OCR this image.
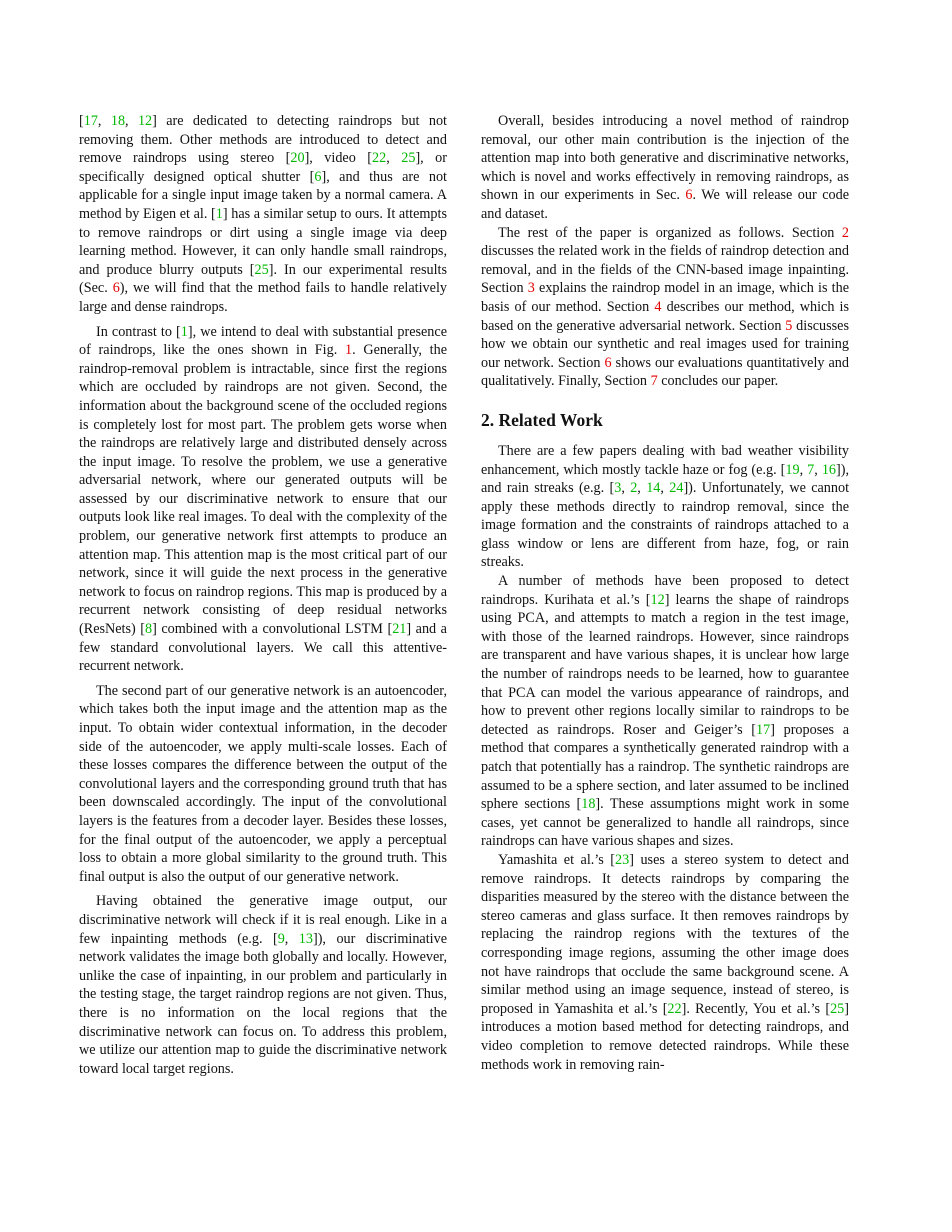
[17, 18, 12] are dedicated to detecting raindrops but not removing them. Other methods are introduced to detect and remove raindrops using stereo [20], video [22, 25], or specifically designed optical shutter [6], and thus are not applicable for a single input image taken by a normal camera. A method by Eigen et al. [1] has a similar setup to ours. It attempts to remove raindrops or dirt using a single image via deep learning method. However, it can only handle small raindrops, and produce blurry outputs [25]. In our experimental results (Sec. 6), we will find that the method fails to handle relatively large and dense raindrops.

In contrast to [1], we intend to deal with substantial presence of raindrops, like the ones shown in Fig. 1. Generally, the raindrop-removal problem is intractable, since first the regions which are occluded by raindrops are not given. Second, the information about the background scene of the occluded regions is completely lost for most part. The problem gets worse when the raindrops are relatively large and distributed densely across the input image. To resolve the problem, we use a generative adversarial network, where our generated outputs will be assessed by our discriminative network to ensure that our outputs look like real images. To deal with the complexity of the problem, our generative network first attempts to produce an attention map. This attention map is the most critical part of our network, since it will guide the next process in the generative network to focus on raindrop regions. This map is produced by a recurrent network consisting of deep residual networks (ResNets) [8] combined with a convolutional LSTM [21] and a few standard convolutional layers. We call this attentive-recurrent network.

The second part of our generative network is an autoencoder, which takes both the input image and the attention map as the input. To obtain wider contextual information, in the decoder side of the autoencoder, we apply multi-scale losses. Each of these losses compares the difference between the output of the convolutional layers and the corresponding ground truth that has been downscaled accordingly. The input of the convolutional layers is the features from a decoder layer. Besides these losses, for the final output of the autoencoder, we apply a perceptual loss to obtain a more global similarity to the ground truth. This final output is also the output of our generative network.

Having obtained the generative image output, our discriminative network will check if it is real enough. Like in a few inpainting methods (e.g. [9, 13]), our discriminative network validates the image both globally and locally. However, unlike the case of inpainting, in our problem and particularly in the testing stage, the target raindrop regions are not given. Thus, there is no information on the local regions that the discriminative network can focus on. To address this problem, we utilize our attention map to guide the discriminative network toward local target regions.

Overall, besides introducing a novel method of raindrop removal, our other main contribution is the injection of the attention map into both generative and discriminative networks, which is novel and works effectively in removing raindrops, as shown in our experiments in Sec. 6. We will release our code and dataset.

The rest of the paper is organized as follows. Section 2 discusses the related work in the fields of raindrop detection and removal, and in the fields of the CNN-based image inpainting. Section 3 explains the raindrop model in an image, which is the basis of our method. Section 4 describes our method, which is based on the generative adversarial network. Section 5 discusses how we obtain our synthetic and real images used for training our network. Section 6 shows our evaluations quantitatively and qualitatively. Finally, Section 7 concludes our paper.

2. Related Work

There are a few papers dealing with bad weather visibility enhancement, which mostly tackle haze or fog (e.g. [19, 7, 16]), and rain streaks (e.g. [3, 2, 14, 24]). Unfortunately, we cannot apply these methods directly to raindrop removal, since the image formation and the constraints of raindrops attached to a glass window or lens are different from haze, fog, or rain streaks.

A number of methods have been proposed to detect raindrops. Kurihata et al.’s [12] learns the shape of raindrops using PCA, and attempts to match a region in the test image, with those of the learned raindrops. However, since raindrops are transparent and have various shapes, it is unclear how large the number of raindrops needs to be learned, how to guarantee that PCA can model the various appearance of raindrops, and how to prevent other regions locally similar to raindrops to be detected as raindrops. Roser and Geiger’s [17] proposes a method that compares a synthetically generated raindrop with a patch that potentially has a raindrop. The synthetic raindrops are assumed to be a sphere section, and later assumed to be inclined sphere sections [18]. These assumptions might work in some cases, yet cannot be generalized to handle all raindrops, since raindrops can have various shapes and sizes.

Yamashita et al.’s [23] uses a stereo system to detect and remove raindrops. It detects raindrops by comparing the disparities measured by the stereo with the distance between the stereo cameras and glass surface. It then removes raindrops by replacing the raindrop regions with the textures of the corresponding image regions, assuming the other image does not have raindrops that occlude the same background scene. A similar method using an image sequence, instead of stereo, is proposed in Yamashita et al.’s [22]. Recently, You et al.’s [25] introduces a motion based method for detecting raindrops, and video completion to remove detected raindrops. While these methods work in removing rain-
